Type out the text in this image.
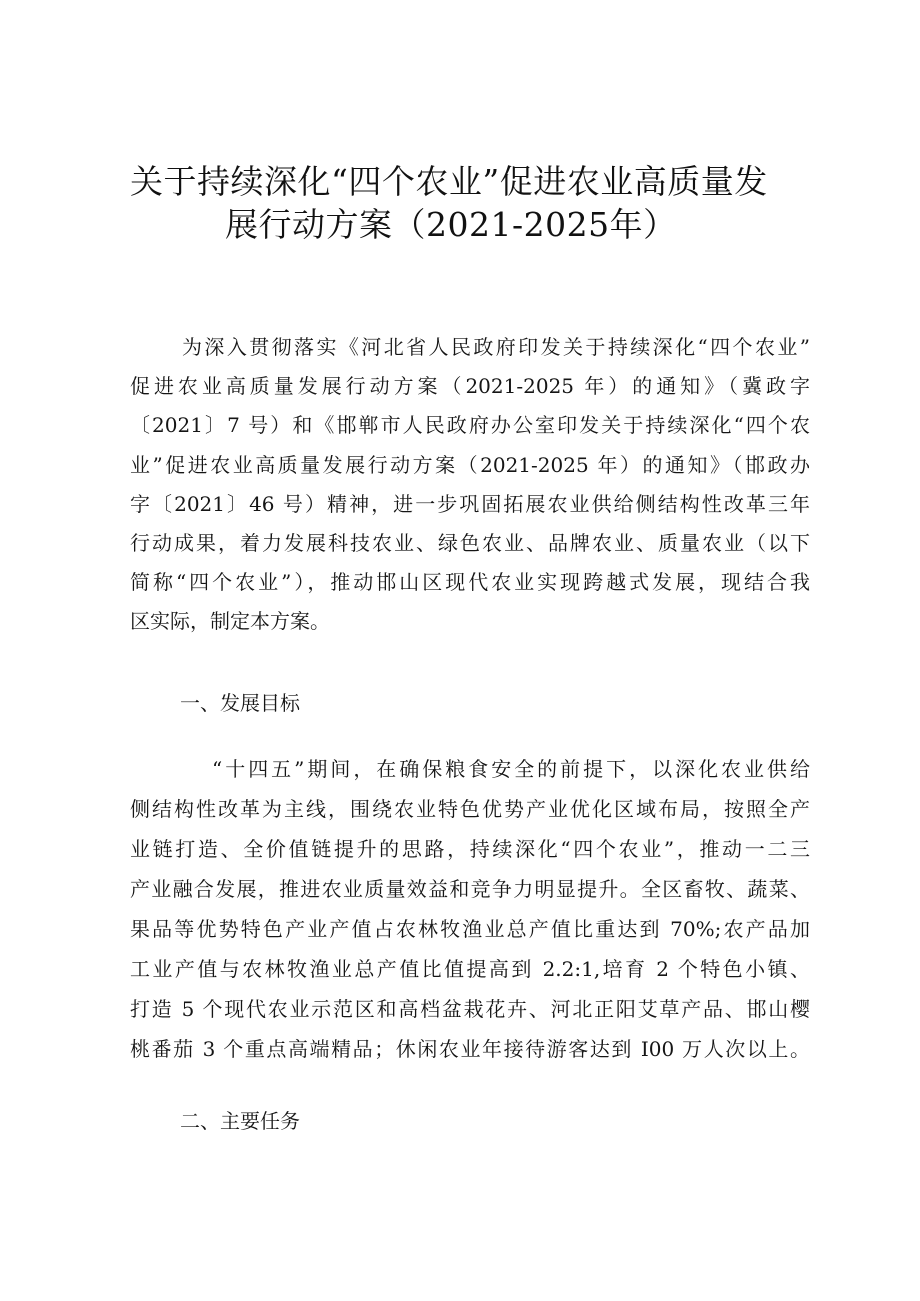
关于持续深化“四个农业”促进农业高质量发
展行动方案（2021-2025年）
为深入贯彻落实《河北省人民政府印发关于持续深化“四个农业”
促进农业高质量发展行动方案（2021-2025 年）的通知》（冀政字
〔2021〕7 号）和《邯郸市人民政府办公室印发关于持续深化“四个农
业”促进农业高质量发展行动方案（2021-2025 年）的通知》（邯政办
字〔2021〕46 号）精神，进一步巩固拓展农业供给侧结构性改革三年
行动成果，着力发展科技农业、绿色农业、品牌农业、质量农业（以下
简称“四个农业”），推动邯山区现代农业实现跨越式发展，现结合我
区实际，制定本方案。
一、发展目标
“十四五”期间，在确保粮食安全的前提下，以深化农业供给
侧结构性改革为主线，围绕农业特色优势产业优化区域布局，按照全产
业链打造、全价值链提升的思路，持续深化“四个农业”，推动一二三
产业融合发展，推进农业质量效益和竞争力明显提升。全区畜牧、蔬菜、
果品等优势特色产业产值占农林牧渔业总产值比重达到 70%;农产品加
工业产值与农林牧渔业总产值比值提高到 2.2:1,培育 2 个特色小镇、
打造 5 个现代农业示范区和高档盆栽花卉、河北正阳艾草产品、邯山樱
桃番茄 3 个重点高端精品；休闲农业年接待游客达到 I00 万人次以上。
二、主要任务
